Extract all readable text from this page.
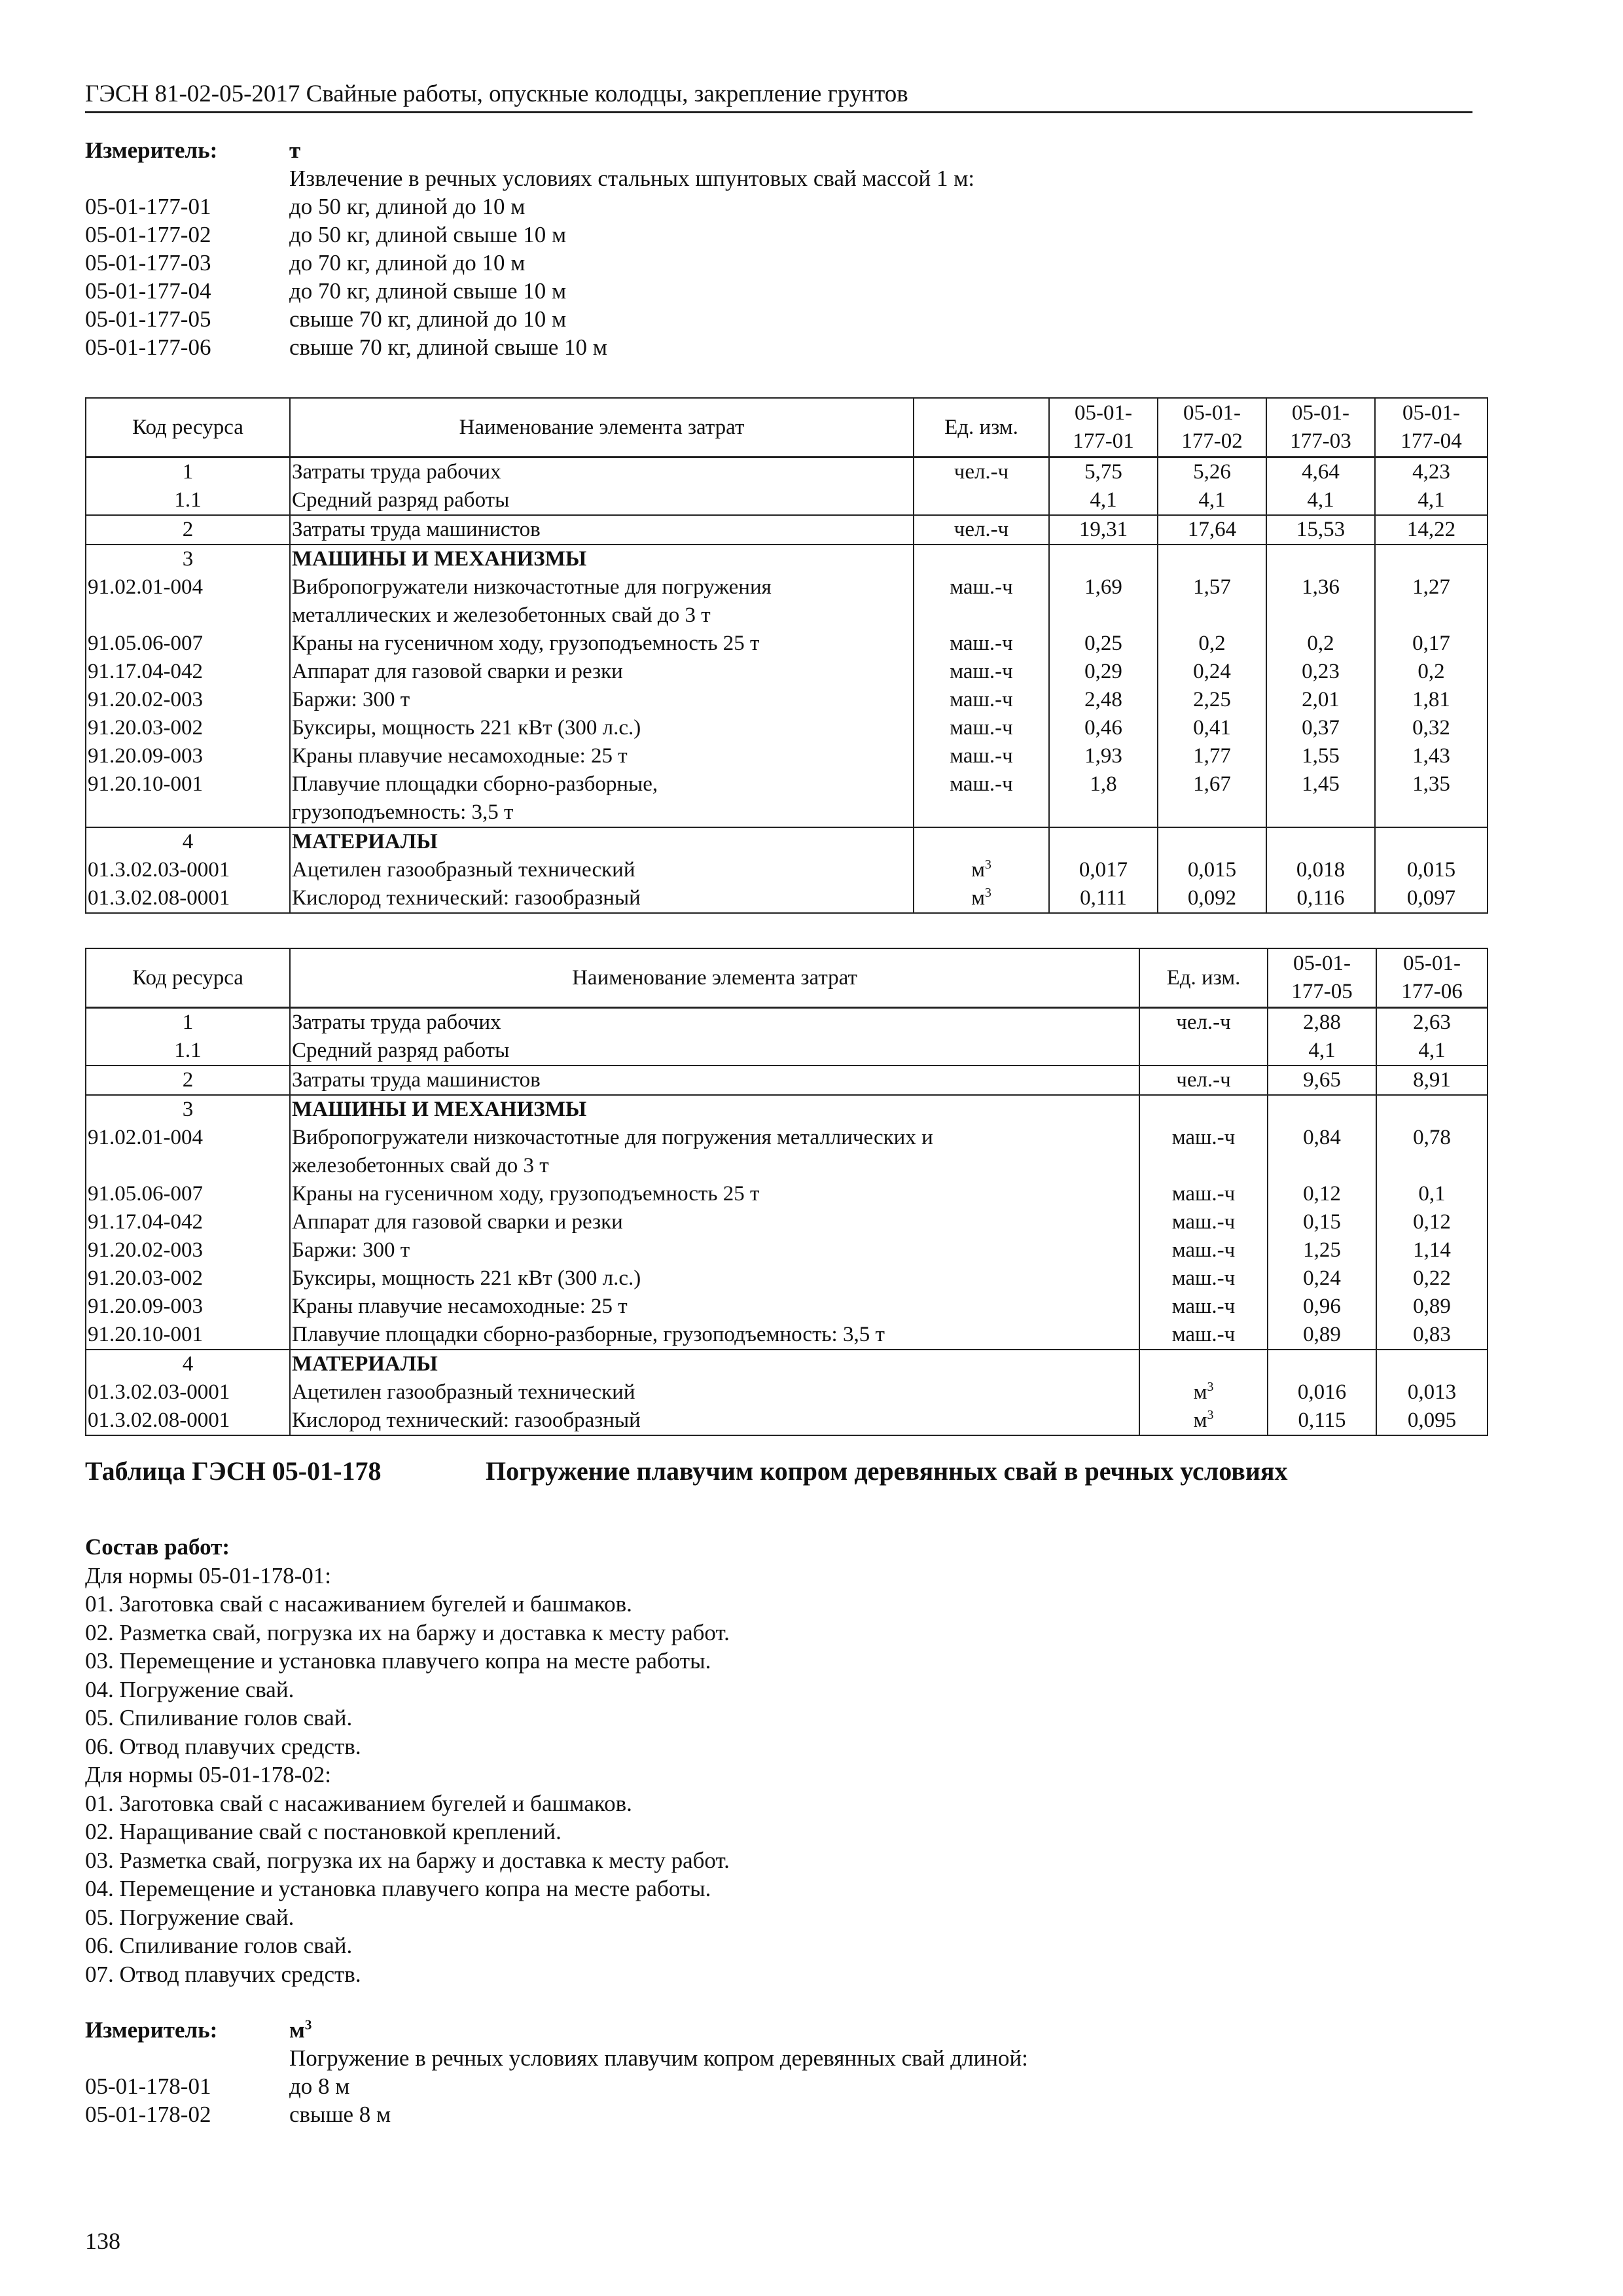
ГЭСН 81-02-05-2017 Свайные работы, опускные колодцы, закрепление грунтов
Измеритель:	т
Извлечение в речных условиях стальных шпунтовых свай массой 1 м:
05-01-177-01	до 50 кг, длиной до 10 м
05-01-177-02	до 50 кг, длиной свыше 10 м
05-01-177-03	до 70 кг, длиной до 10 м
05-01-177-04	до 70 кг, длиной свыше 10 м
05-01-177-05	свыше 70 кг, длиной до 10 м
05-01-177-06	свыше 70 кг, длиной свыше 10 м
Код ресурса	Наименование элемента затрат	Ед. изм.	05-01-177-01	05-01-177-02	05-01-177-03	05-01-177-04
1	Затраты труда рабочих	чел.-ч	5,75	5,26	4,64	4,23
1.1	Средний разряд работы		4,1	4,1	4,1	4,1
2	Затраты труда машинистов	чел.-ч	19,31	17,64	15,53	14,22
3	МАШИНЫ И МЕХАНИЗМЫ					
91.02.01-004	Вибропогружатели низкочастотные для погружения	маш.-ч	1,69	1,57	1,36	1,27
	металлических и железобетонных свай до 3 т					
91.05.06-007	Краны на гусеничном ходу, грузоподъемность 25 т	маш.-ч	0,25	0,2	0,2	0,17
91.17.04-042	Аппарат для газовой сварки и резки	маш.-ч	0,29	0,24	0,23	0,2
91.20.02-003	Баржи: 300 т	маш.-ч	2,48	2,25	2,01	1,81
91.20.03-002	Буксиры, мощность 221 кВт (300 л.с.)	маш.-ч	0,46	0,41	0,37	0,32
91.20.09-003	Краны плавучие несамоходные: 25 т	маш.-ч	1,93	1,77	1,55	1,43
91.20.10-001	Плавучие площадки сборно-разборные,	маш.-ч	1,8	1,67	1,45	1,35
	грузоподъемность: 3,5 т					
4	МАТЕРИАЛЫ					
01.3.02.03-0001	Ацетилен газообразный технический	$м^3$	0,017	0,015	0,018	0,015
01.3.02.08-0001	Кислород технический: газообразный	$м^3$	0,111	0,092	0,116	0,097
Код ресурса	Наименование элемента затрат	Ед. изм.	05-01-177-05	05-01-177-06
1	Затраты труда рабочих	чел.-ч	2,88	2,63
1.1	Средний разряд работы		4,1	4,1
2	Затраты труда машинистов	чел.-ч	9,65	8,91
3	МАШИНЫ И МЕХАНИЗМЫ			
91.02.01-004	Вибропогружатели низкочастотные для погружения металлических и	маш.-ч	0,84	0,78
	железобетонных свай до 3 т			
91.05.06-007	Краны на гусеничном ходу, грузоподъемность 25 т	маш.-ч	0,12	0,1
91.17.04-042	Аппарат для газовой сварки и резки	маш.-ч	0,15	0,12
91.20.02-003	Баржи: 300 т	маш.-ч	1,25	1,14
91.20.03-002	Буксиры, мощность 221 кВт (300 л.с.)	маш.-ч	0,24	0,22
91.20.09-003	Краны плавучие несамоходные: 25 т	маш.-ч	0,96	0,89
91.20.10-001	Плавучие площадки сборно-разборные, грузоподъемность: 3,5 т	маш.-ч	0,89	0,83
4	МАТЕРИАЛЫ			
01.3.02.03-0001	Ацетилен газообразный технический	$м^3$	0,016	0,013
01.3.02.08-0001	Кислород технический: газообразный	$м^3$	0,115	0,095
Таблица ГЭСН 05-01-178	Погружение плавучим копром деревянных свай в речных условиях
Состав работ:
Для нормы 05-01-178-01:
01. Заготовка свай с насаживанием бугелей и башмаков.
02. Разметка свай, погрузка их на баржу и доставка к месту работ.
03. Перемещение и установка плавучего копра на месте работы.
04. Погружение свай.
05. Спиливание голов свай.
06. Отвод плавучих средств.
Для нормы 05-01-178-02:
01. Заготовка свай с насаживанием бугелей и башмаков.
02. Наращивание свай с постановкой креплений.
03. Разметка свай, погрузка их на баржу и доставка к месту работ.
04. Перемещение и установка плавучего копра на месте работы.
05. Погружение свай.
06. Спиливание голов свай.
07. Отвод плавучих средств.
Измеритель:	$м^3$
Погружение в речных условиях плавучим копром деревянных свай длиной:
05-01-178-01	до 8 м
05-01-178-02	свыше 8 м
138
